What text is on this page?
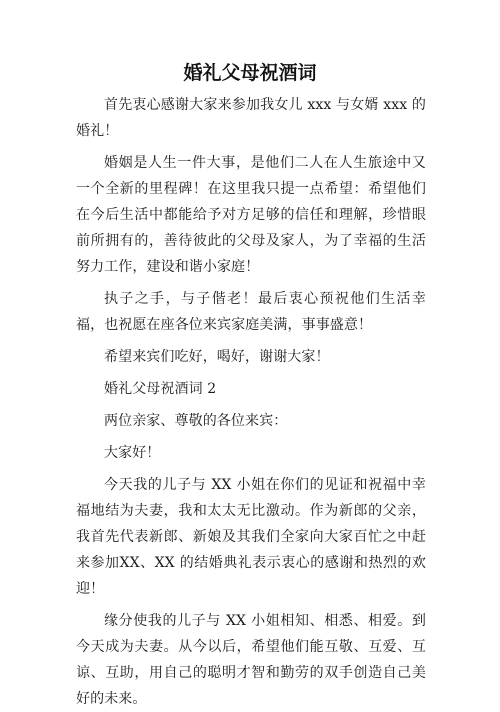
婚礼父母祝酒词

首先衷心感谢大家来参加我女儿 xxx 与女婿 xxx 的婚礼！

婚姻是人生一件大事，是他们二人在人生旅途中又一个全新的里程碑！在这里我只提一点希望：希望他们在今后生活中都能给予对方足够的信任和理解，珍惜眼前所拥有的，善待彼此的父母及家人，为了幸福的生活努力工作，建设和谐小家庭！

执子之手，与子偕老！最后衷心预祝他们生活幸福，也祝愿在座各位来宾家庭美满，事事盛意！

希望来宾们吃好，喝好，谢谢大家！

婚礼父母祝酒词 2

两位亲家、尊敬的各位来宾：

大家好！

今天我的儿子与 XX 小姐在你们的见证和祝福中幸福地结为夫妻，我和太太无比激动。作为新郎的父亲，我首先代表新郎、新娘及其我们全家向大家百忙之中赶来参加XX、XX 的结婚典礼表示衷心的感谢和热烈的欢迎！

缘分使我的儿子与 XX 小姐相知、相悉、相爱。到今天成为夫妻。从今以后，希望他们能互敬、互爱、互谅、互助，用自己的聪明才智和勤劳的双手创造自己美好的未来。
